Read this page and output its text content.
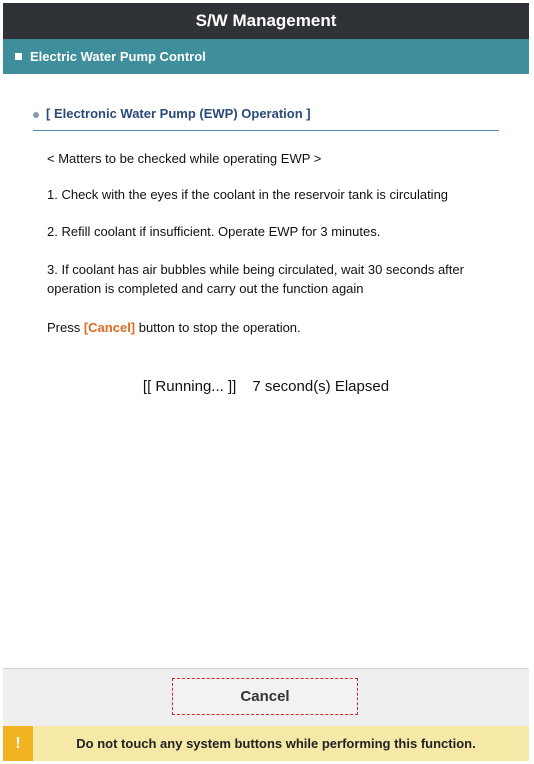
S/W Management
Electric Water Pump Control
[ Electronic Water Pump (EWP) Operation ]
< Matters to be checked while operating EWP >
1. Check with the eyes if the coolant in the reservoir tank is circulating
2. Refill coolant if insufficient. Operate EWP for 3 minutes.
3. If coolant has air bubbles while being circulated, wait 30 seconds after operation is completed and carry out the function again
Press [Cancel] button to stop the operation.
[[ Running... ]] 7 second(s) Elapsed
Cancel
!	Do not touch any system buttons while performing this function.
